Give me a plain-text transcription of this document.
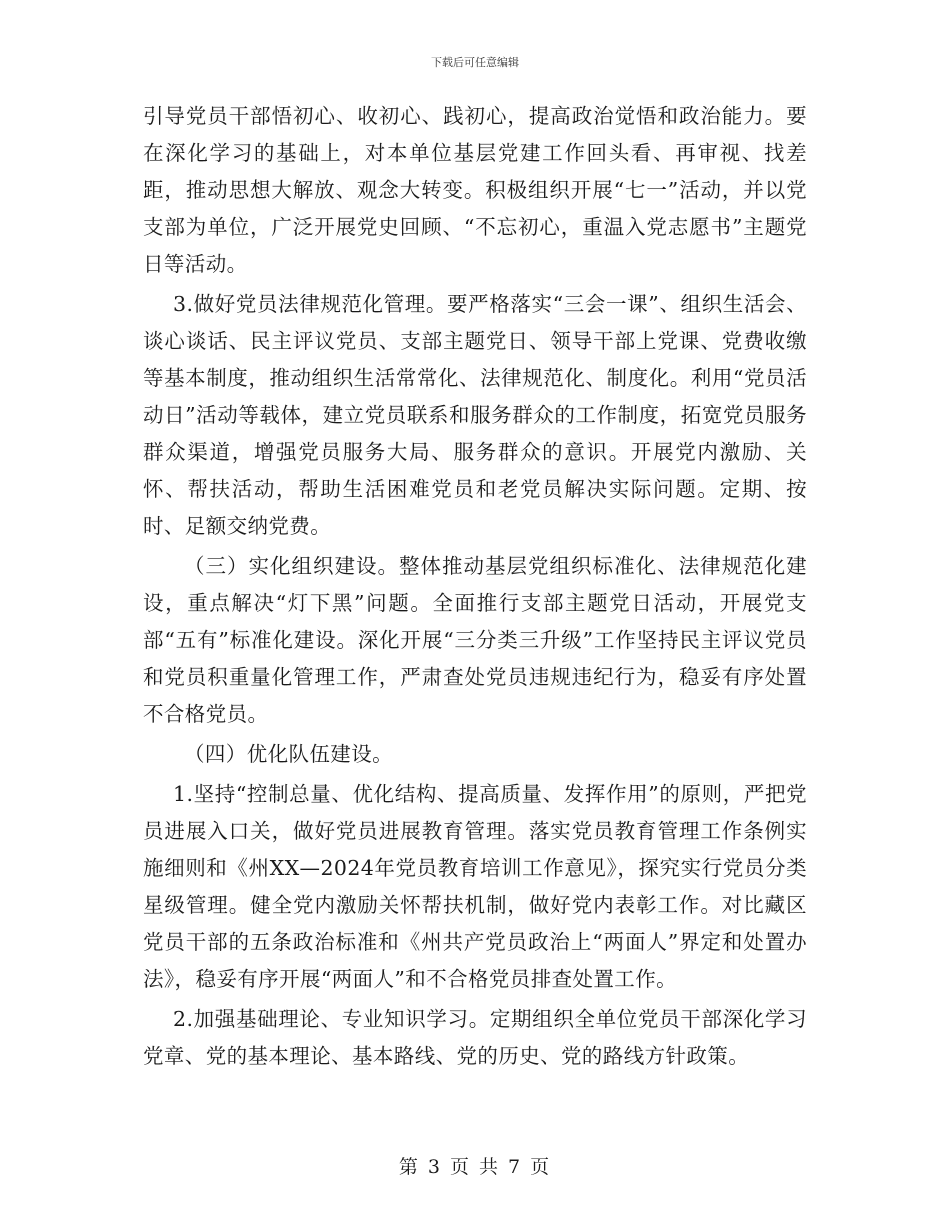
下载后可任意编辑

引导党员干部悟初心、收初心、践初心，提高政治觉悟和政治能力。要在深化学习的基础上，对本单位基层党建工作回头看、再审视、找差距，推动思想大解放、观念大转变。积极组织开展“七一”活动，并以党支部为单位，广泛开展党史回顾、“不忘初心，重温入党志愿书”主题党日等活动。

3.做好党员法律规范化管理。要严格落实“三会一课”、组织生活会、谈心谈话、民主评议党员、支部主题党日、领导干部上党课、党费收缴等基本制度，推动组织生活常常化、法律规范化、制度化。利用“党员活动日”活动等载体，建立党员联系和服务群众的工作制度，拓宽党员服务群众渠道，增强党员服务大局、服务群众的意识。开展党内激励、关怀、帮扶活动，帮助生活困难党员和老党员解决实际问题。定期、按时、足额交纳党费。

（三）实化组织建设。整体推动基层党组织标准化、法律规范化建设，重点解决“灯下黑”问题。全面推行支部主题党日活动，开展党支部“五有”标准化建设。深化开展“三分类三升级”工作坚持民主评议党员和党员积重量化管理工作，严肃查处党员违规违纪行为，稳妥有序处置不合格党员。

（四）优化队伍建设。

1.坚持“控制总量、优化结构、提高质量、发挥作用”的原则，严把党员进展入口关，做好党员进展教育管理。落实党员教育管理工作条例实施细则和《州XX—2024年党员教育培训工作意见》，探究实行党员分类星级管理。健全党内激励关怀帮扶机制，做好党内表彰工作。对比藏区党员干部的五条政治标准和《州共产党员政治上“两面人”界定和处置办法》，稳妥有序开展“两面人”和不合格党员排查处置工作。

2.加强基础理论、专业知识学习。定期组织全单位党员干部深化学习党章、党的基本理论、基本路线、党的历史、党的路线方针政策。

第 3 页 共 7 页
